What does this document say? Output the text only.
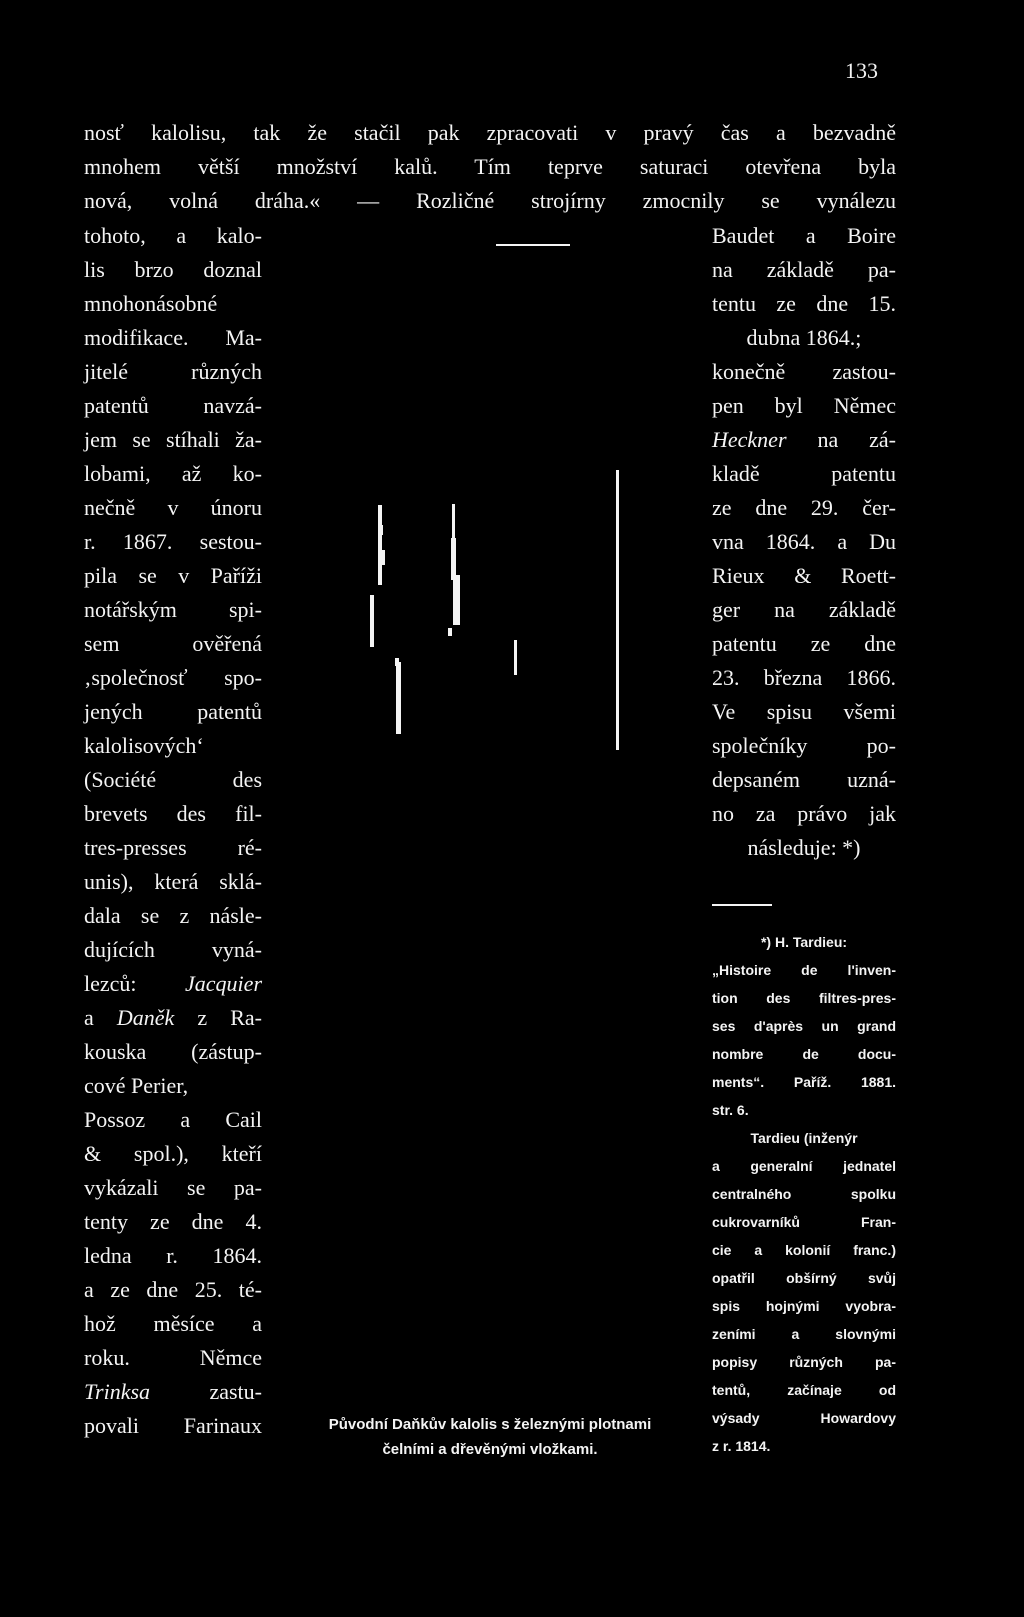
133
nosť kalolisu, tak že stačil pak zpracovati v pravý čas a bezvadně
mnohem větší množství kalů. Tím teprve saturaci otevřena byla
nová, volná dráha.« — Rozličné strojírny zmocnily se vynálezu
tohoto, a kalo-
lis brzo doznal
mnohonásobné
modifikace. Ma-
jitelé různých
patentů navzá-
jem se stíhali ža-
lobami, až ko-
nečně v únoru
r. 1867. sestou-
pila se v Paříži
notářským spi-
sem ověřená
‚společnosť spo-
jených patentů
kalolisových‘
(Société des
brevets des fil-
tres-presses ré-
unis), která sklá-
dala se z násle-
dujících vyná-
lezců: Jacquier
a Daněk z Ra-
kouska (zástup-
cové Perier,
Possoz a Cail
& spol.), kteří
vykázali se pa-
tenty ze dne 4.
ledna r. 1864.
a ze dne 25. té-
hož měsíce a
roku. Němce
Trinksa zastu-
povali Farinaux
Baudet a Boire
na základě pa-
tentu ze dne 15.
dubna 1864.;
konečně zastou-
pen byl Němec
Heckner na zá-
kladě patentu
ze dne 29. čer-
vna 1864. a Du
Rieux & Roett-
ger na základě
patentu ze dne
23. března 1866.
Ve spisu všemi
společníky po-
depsaném uzná-
no za právo jak
následuje: *)
*) H. Tardieu:
„Histoire de l'inven-
tion des filtres-pres-
ses d'après un grand
nombre de docu-
ments“. Paříž. 1881.
str. 6.
Tardieu (inženýr
a generalní jednatel
centralného spolku
cukrovarníků Fran-
cie a kolonií franc.)
opatřil obšírný svůj
spis hojnými vyobra-
zeními a slovnými
popisy různých pa-
tentů, začínaje od
výsady Howardovy
z r. 1814.
Původní Daňkův kalolis s železnými plotnami
čelními a dřevěnými vložkami.
